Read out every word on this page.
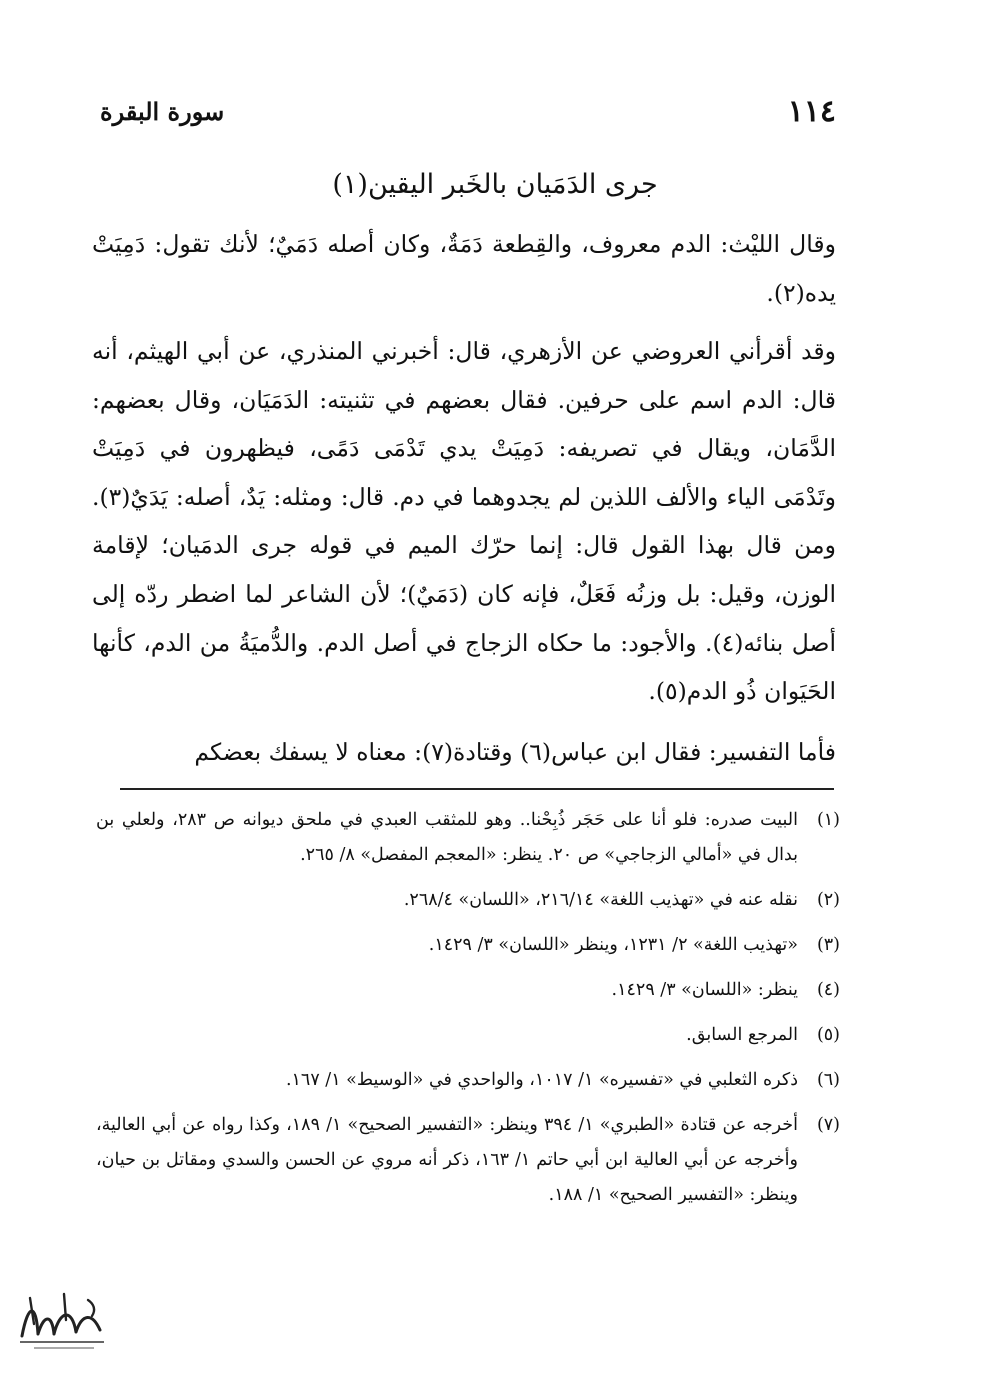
١١٤
سورة البقرة
جرى الدَمَيان بالخَبر اليقين(١)

وقال الليْث: الدم معروف، والقِطعة دَمَةٌ، وكان أصله دَمَيٌ؛ لأنك تقول: دَمِيَتْ يده(٢).

وقد أقرأني العروضي عن الأزهري، قال: أخبرني المنذري، عن أبي الهيثم، أنه قال: الدم اسم على حرفين. فقال بعضهم في تثنيته: الدَمَيَان، وقال بعضهم: الدَّمَان، ويقال في تصريفه: دَمِيَتْ يدي تَدْمَى دَمًى، فيظهرون في دَمِيَتْ وتَدْمَى الياء والألف اللذين لم يجدوهما في دم. قال: ومثله: يَدٌ، أصله: يَدَيٌ(٣). ومن قال بهذا القول قال: إنما حرّك الميم في قوله جرى الدمَيان؛ لإقامة الوزن، وقيل: بل وزنُه فَعَلٌ، فإنه كان (دَمَيٌ)؛ لأن الشاعر لما اضطر ردّه إلى أصل بنائه(٤). والأجود: ما حكاه الزجاج في أصل الدم. والدُّميَةُ من الدم، كأنها الحَيَوان ذُو الدم(٥).

فأما التفسير: فقال ابن عباس(٦) وقتادة(٧): معناه لا يسفك بعضكم

(١)
البيت صدره: فلو أنا على حَجَر ذُبِحْنا.. وهو للمثقب العبدي في ملحق ديوانه ص ٢٨٣، ولعلي بن بدال في «أمالي الزجاجي» ص ٢٠. ينظر: «المعجم المفصل» ٨/ ٢٦٥.
(٢)
نقله عنه في «تهذيب اللغة» ٢١٦/١٤، «اللسان» ٢٦٨/٤.
(٣)
«تهذيب اللغة» ٢/ ١٢٣١، وينظر «اللسان» ٣/ ١٤٢٩.
(٤)
ينظر: «اللسان» ٣/ ١٤٢٩.
(٥)
المرجع السابق.
(٦)
ذكره الثعلبي في «تفسيره» ١/ ١٠١٧، والواحدي في «الوسيط» ١/ ١٦٧.
(٧)
أخرجه عن قتادة «الطبري» ١/ ٣٩٤ وينظر: «التفسير الصحيح» ١/ ١٨٩، وكذا رواه عن أبي العالية، وأخرجه عن أبي العالية ابن أبي حاتم ١/ ١٦٣، ذكر أنه مروي عن الحسن والسدي ومقاتل بن حيان، وينظر: «التفسير الصحيح» ١/ ١٨٨.
